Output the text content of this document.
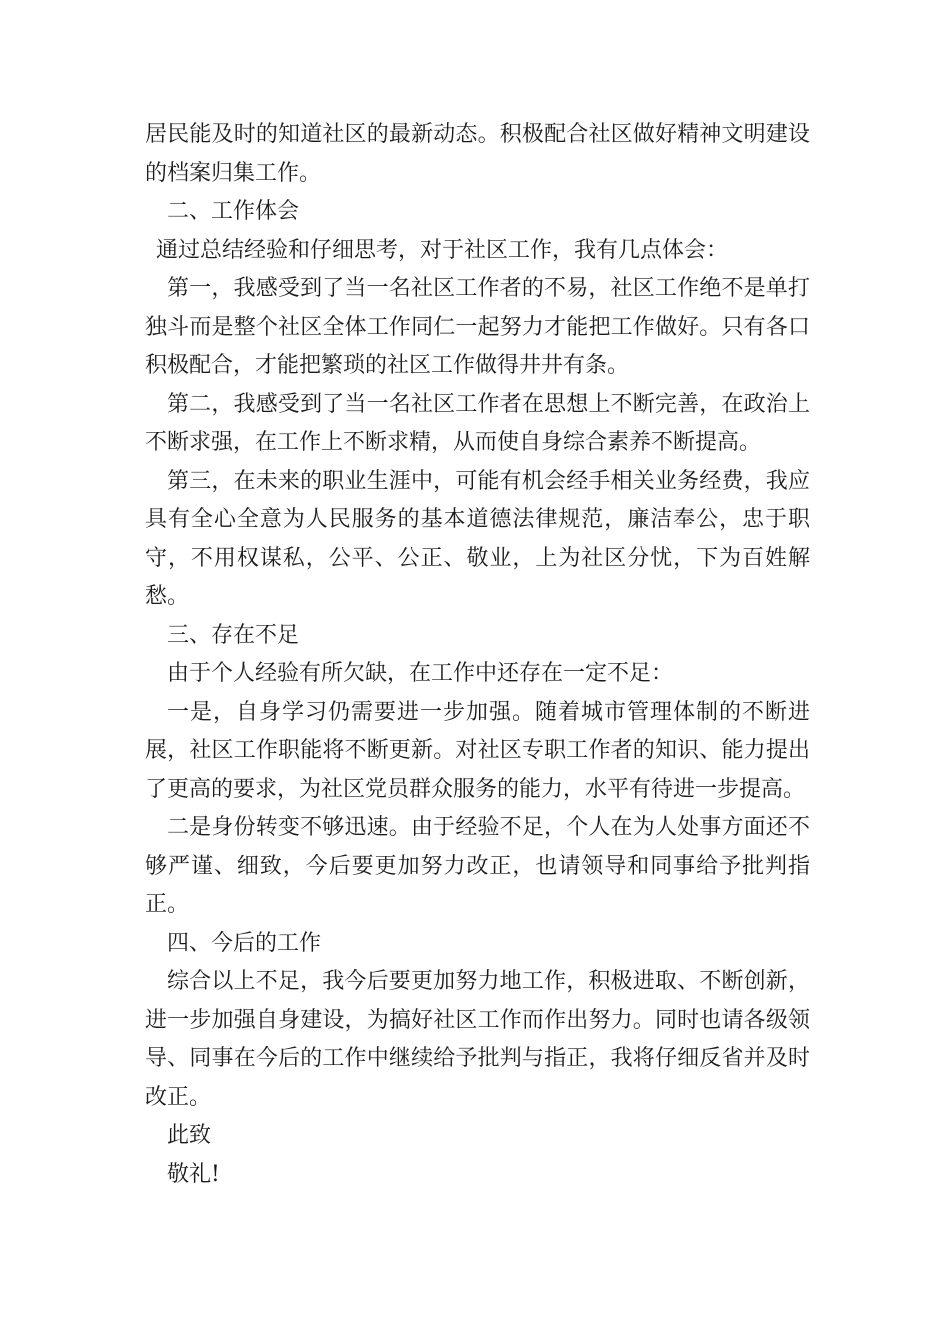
居民能及时的知道社区的最新动态。积极配合社区做好精神文明建设的档案归集工作。

二、工作体会

通过总结经验和仔细思考，对于社区工作，我有几点体会：

第一，我感受到了当一名社区工作者的不易，社区工作绝不是单打独斗而是整个社区全体工作同仁一起努力才能把工作做好。只有各口积极配合，才能把繁琐的社区工作做得井井有条。

第二，我感受到了当一名社区工作者在思想上不断完善，在政治上不断求强，在工作上不断求精，从而使自身综合素养不断提高。

第三，在未来的职业生涯中，可能有机会经手相关业务经费，我应具有全心全意为人民服务的基本道德法律规范，廉洁奉公，忠于职守，不用权谋私，公平、公正、敬业，上为社区分忧，下为百姓解愁。

三、存在不足

由于个人经验有所欠缺，在工作中还存在一定不足：

一是，自身学习仍需要进一步加强。随着城市管理体制的不断进展，社区工作职能将不断更新。对社区专职工作者的知识、能力提出了更高的要求，为社区党员群众服务的能力，水平有待进一步提高。

二是身份转变不够迅速。由于经验不足，个人在为人处事方面还不够严谨、细致，今后要更加努力改正，也请领导和同事给予批判指正。

四、今后的工作

综合以上不足，我今后要更加努力地工作，积极进取、不断创新，进一步加强自身建设，为搞好社区工作而作出努力。同时也请各级领导、同事在今后的工作中继续给予批判与指正，我将仔细反省并及时改正。

此致

敬礼!
